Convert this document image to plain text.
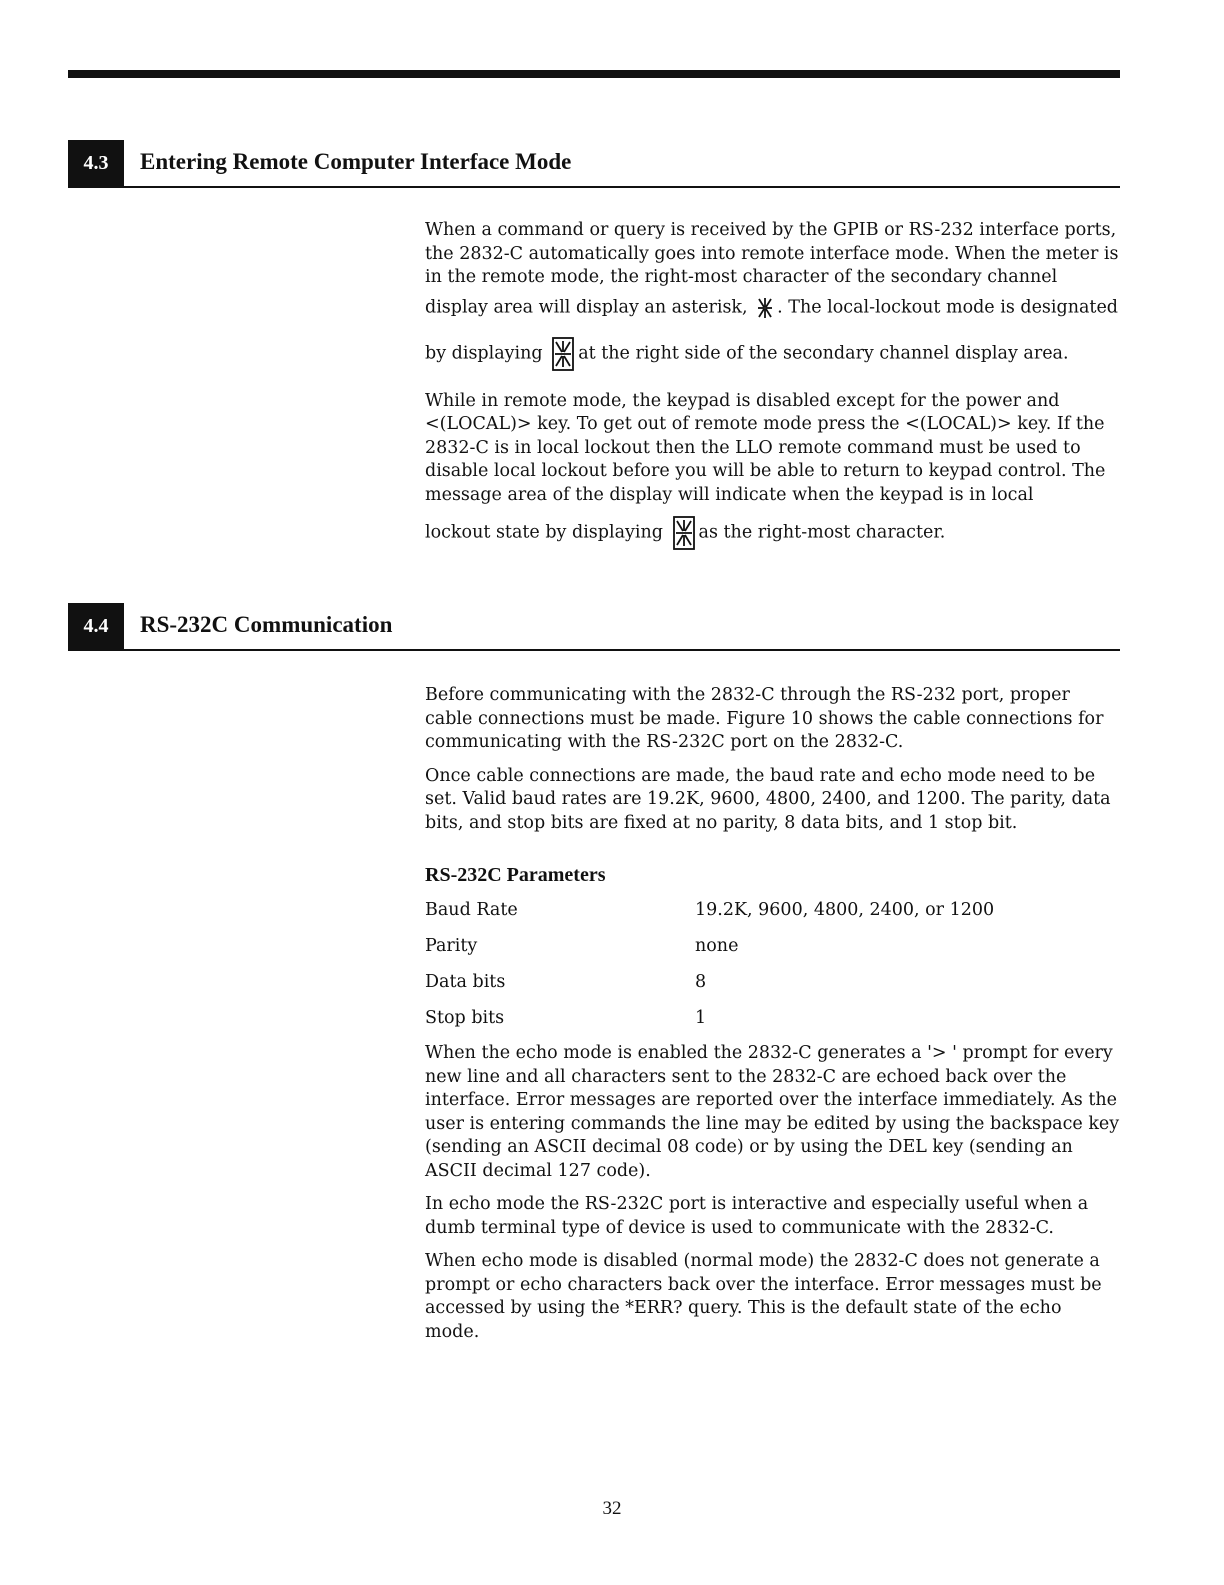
4.3	Entering Remote Computer Interface Mode

When a command or query is received by the GPIB or RS-232 interface ports, the 2832-C automatically goes into remote interface mode. When the meter is in the remote mode, the right-most character of the secondary channel

display area will display an asterisk, . The local-lockout mode is designated

by displaying at the right side of the secondary channel display area.

While in remote mode, the keypad is disabled except for the power and <(LOCAL)> key. To get out of remote mode press the <(LOCAL)> key. If the 2832-C is in local lockout then the LLO remote command must be used to disable local lockout before you will be able to return to keypad control. The message area of the display will indicate when the keypad is in local

lockout state by displaying as the right-most character.

4.4	RS-232C Communication

Before communicating with the 2832-C through the RS-232 port, proper cable connections must be made. Figure 10 shows the cable connections for communicating with the RS-232C port on the 2832-C.

Once cable connections are made, the baud rate and echo mode need to be set. Valid baud rates are 19.2K, 9600, 4800, 2400, and 1200. The parity, data bits, and stop bits are fixed at no parity, 8 data bits, and 1 stop bit.

RS-232C Parameters
Baud Rate	19.2K, 9600, 4800, 2400, or 1200
Parity	none
Data bits	8
Stop bits	1

When the echo mode is enabled the 2832-C generates a '> ' prompt for every new line and all characters sent to the 2832-C are echoed back over the interface. Error messages are reported over the interface immediately. As the user is entering commands the line may be edited by using the backspace key (sending an ASCII decimal 08 code) or by using the DEL key (sending an ASCII decimal 127 code).

In echo mode the RS-232C port is interactive and especially useful when a dumb terminal type of device is used to communicate with the 2832-C.

When echo mode is disabled (normal mode) the 2832-C does not generate a prompt or echo characters back over the interface. Error messages must be accessed by using the *ERR? query. This is the default state of the echo mode.

32
